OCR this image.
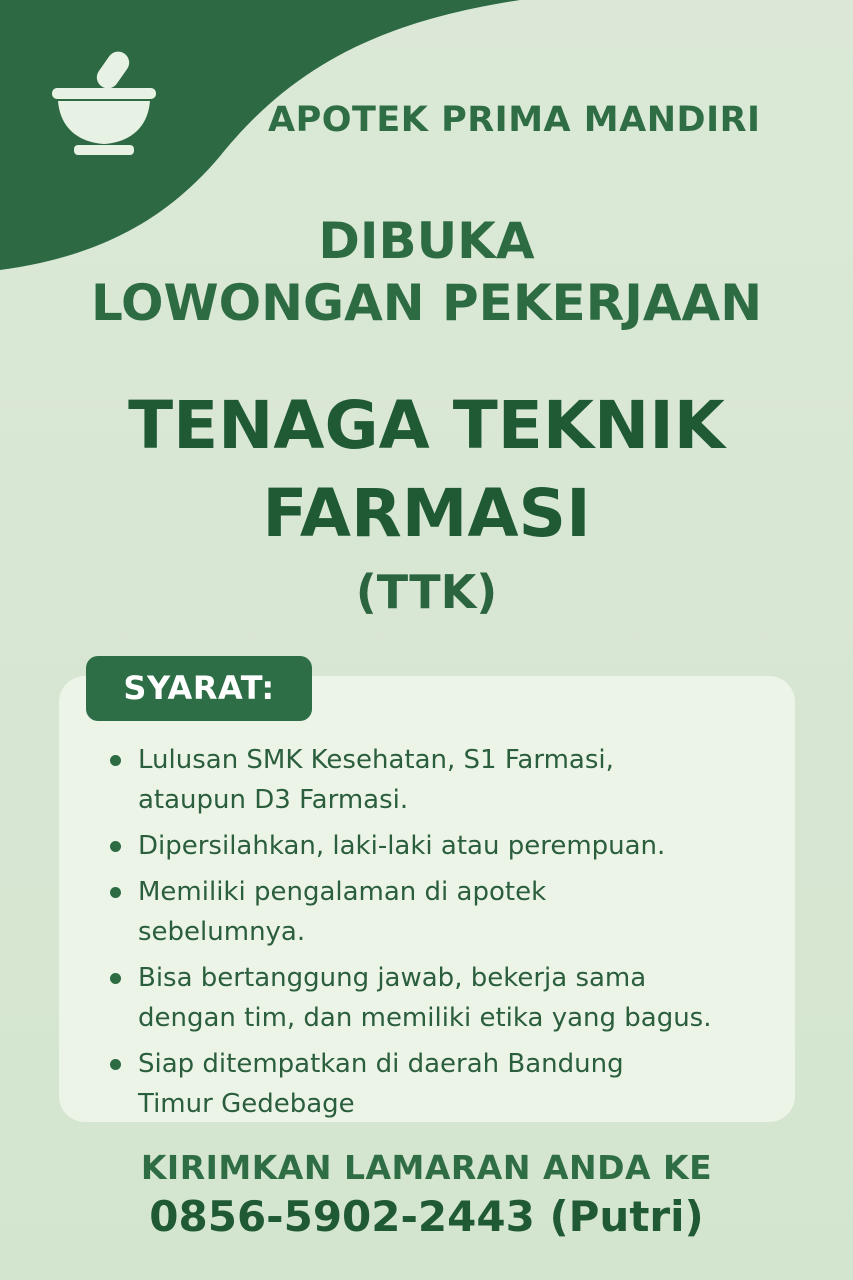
APOTEK PRIMA MANDIRI
DIBUKA
LOWONGAN PEKERJAAN
TENAGA TEKNIK
FARMASI
(TTK)
SYARAT:
Lulusan SMK Kesehatan, S1 Farmasi,
ataupun D3 Farmasi.
Dipersilahkan, laki-laki atau perempuan.
Memiliki pengalaman di apotek
sebelumnya.
Bisa bertanggung jawab, bekerja sama
dengan tim, dan memiliki etika yang bagus.
Siap ditempatkan di daerah Bandung
Timur Gedebage
KIRIMKAN LAMARAN ANDA KE
0856-5902-2443 (Putri)
